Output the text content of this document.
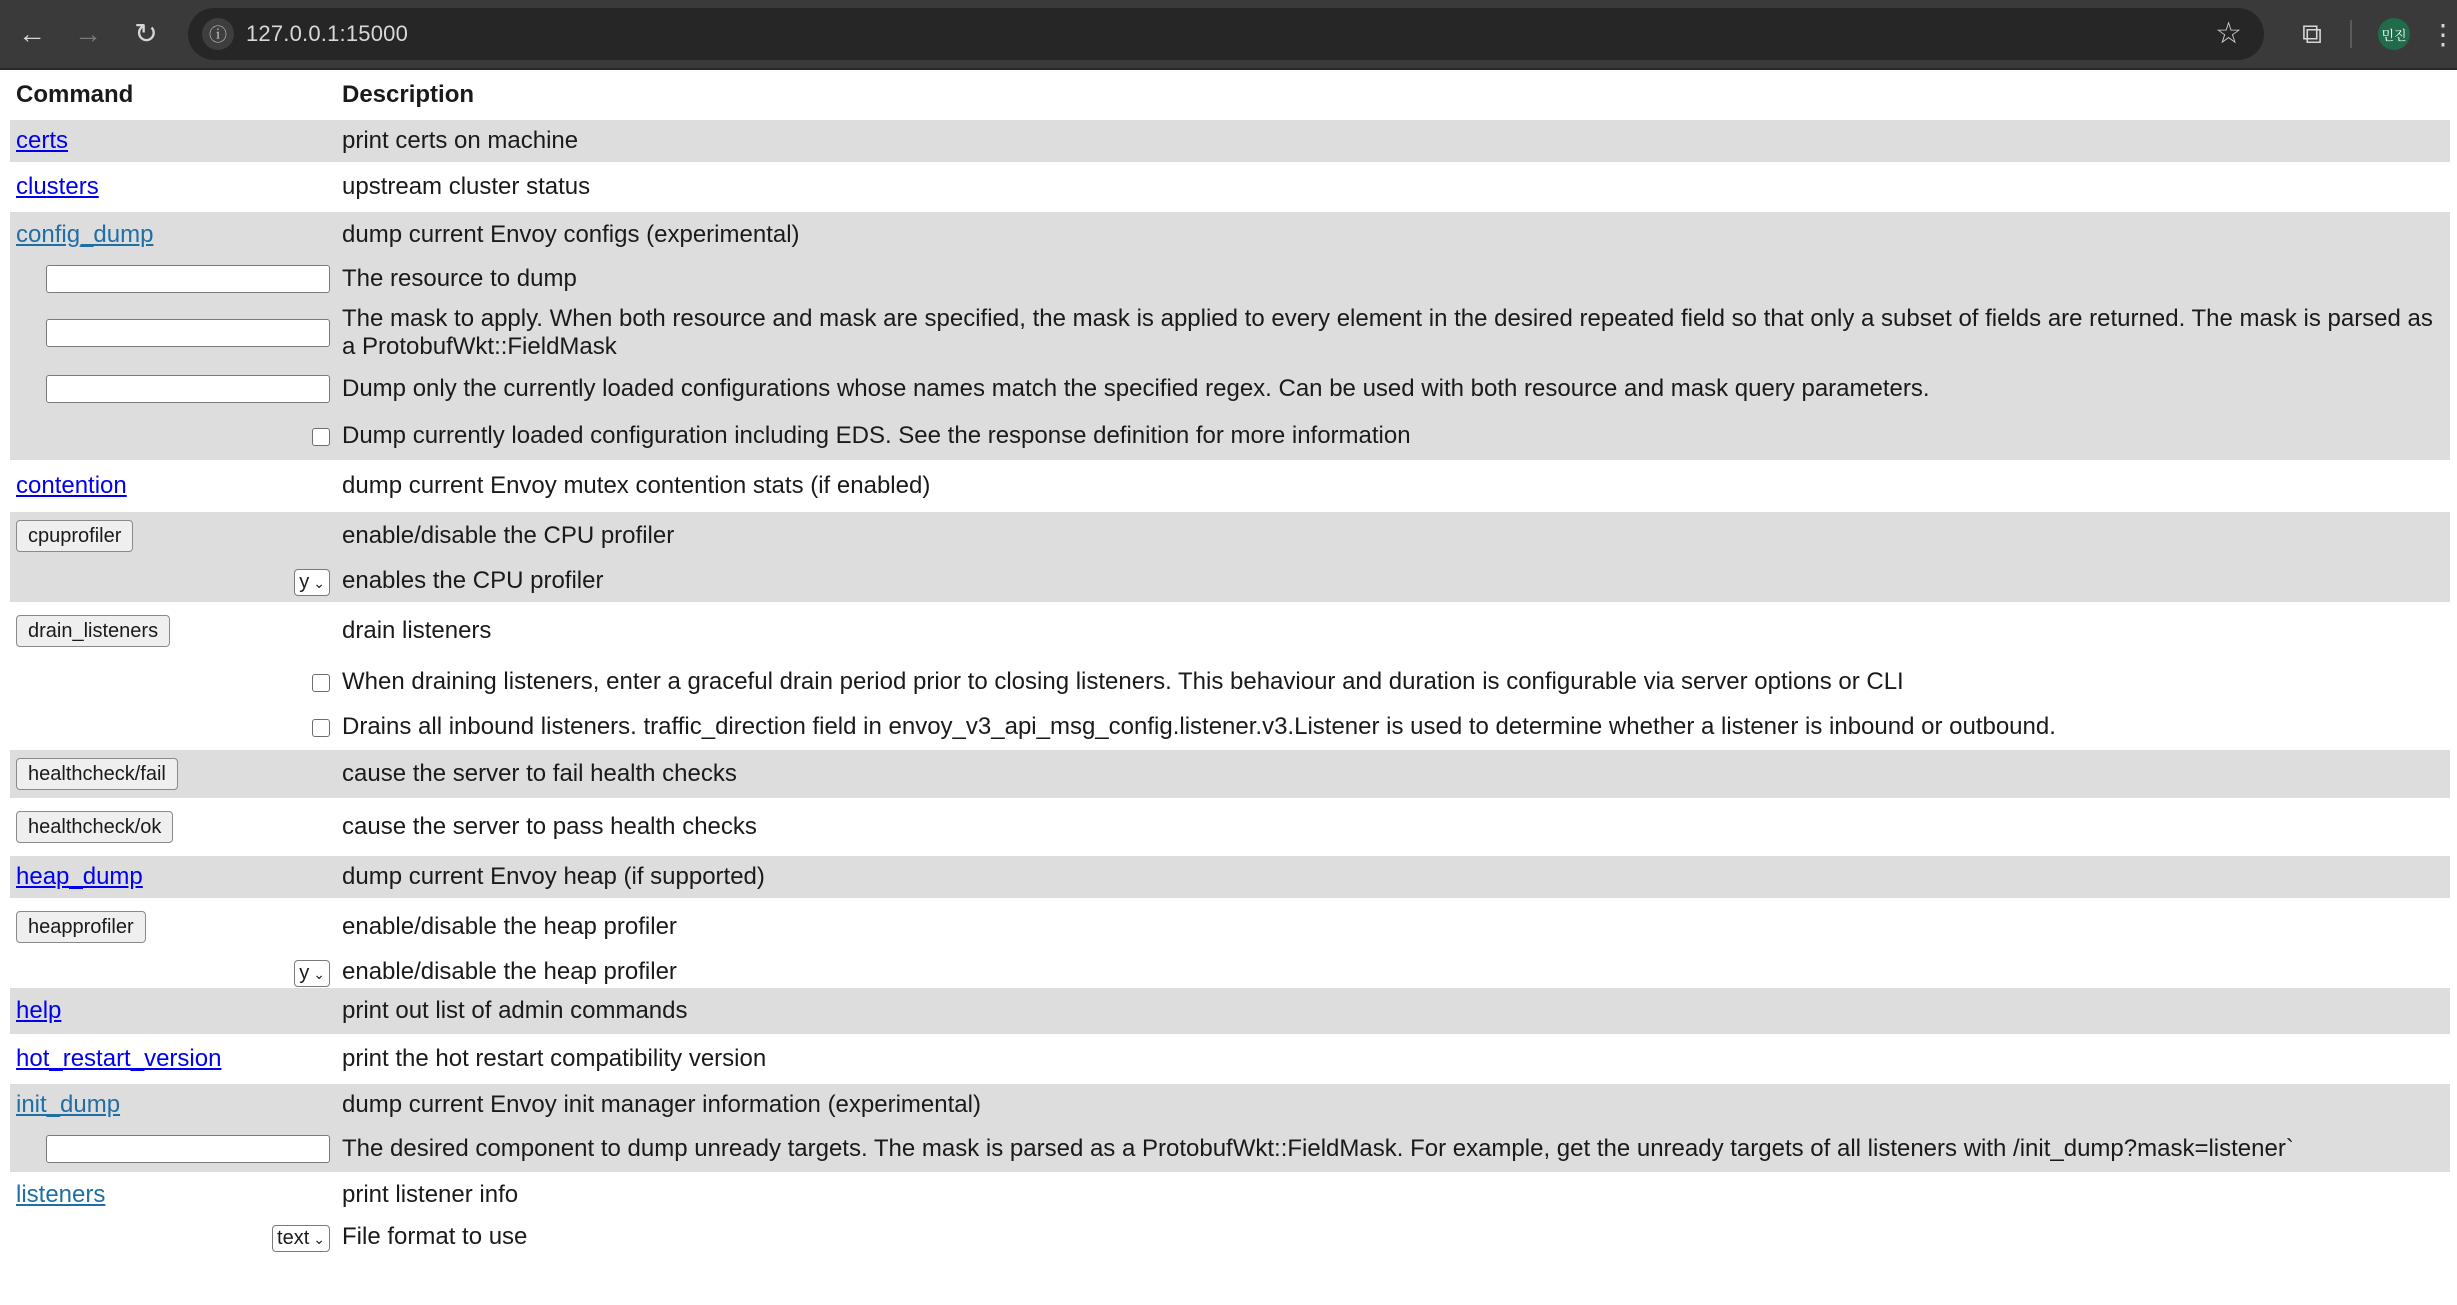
← → ↻	ⓘ 127.0.0.1:15000	☆	⧉	민진 ⋮
Command	Description
certs	print certs on machine
clusters	upstream cluster status
config_dump	dump current Envoy configs (experimental)
	The resource to dump
	The mask to apply. When both resource and mask are specified, the mask is applied to every element in the desired repeated field so that only a subset of fields are returned. The mask is parsed as a ProtobufWkt::FieldMask
	Dump only the currently loaded configurations whose names match the specified regex. Can be used with both resource and mask query parameters.
	Dump currently loaded configuration including EDS. See the response definition for more information
contention	dump current Envoy mutex contention stats (if enabled)
cpuprofiler	enable/disable the CPU profiler
y ⌄	enables the CPU profiler
drain_listeners	drain listeners
	When draining listeners, enter a graceful drain period prior to closing listeners. This behaviour and duration is configurable via server options or CLI
	Drains all inbound listeners. traffic_direction field in envoy_v3_api_msg_config.listener.v3.Listener is used to determine whether a listener is inbound or outbound.
healthcheck/fail	cause the server to fail health checks
healthcheck/ok	cause the server to pass health checks
heap_dump	dump current Envoy heap (if supported)
heapprofiler	enable/disable the heap profiler
y ⌄	enable/disable the heap profiler
help	print out list of admin commands
hot_restart_version	print the hot restart compatibility version
init_dump	dump current Envoy init manager information (experimental)
	The desired component to dump unready targets. The mask is parsed as a ProtobufWkt::FieldMask. For example, get the unready targets of all listeners with /init_dump?mask=listener`
listeners	print listener info
text ⌄	File format to use
